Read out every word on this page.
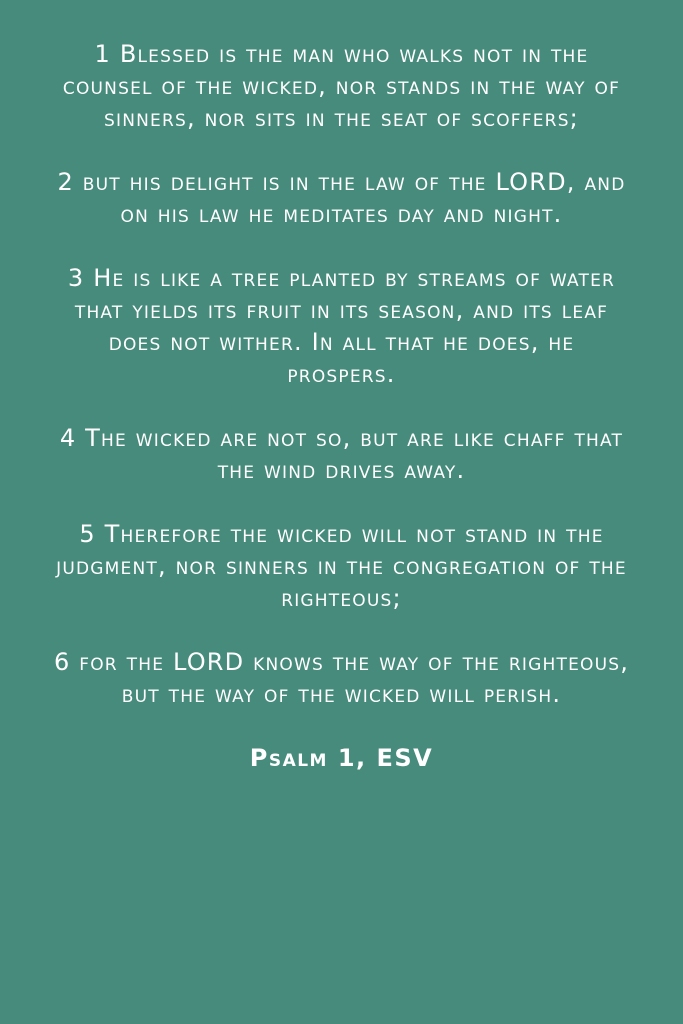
1 Blessed is the man who walks not in the counsel of the wicked, nor stands in the way of sinners, nor sits in the seat of scoffers;

2 but his delight is in the law of the LORD, and on his law he meditates day and night.

3 He is like a tree planted by streams of water that yields its fruit in its season, and its leaf does not wither. In all that he does, he prospers.

4 The wicked are not so, but are like chaff that the wind drives away.

5 Therefore the wicked will not stand in the judgment, nor sinners in the congregation of the righteous;

6 for the LORD knows the way of the righteous, but the way of the wicked will perish.

Psalm 1, ESV
